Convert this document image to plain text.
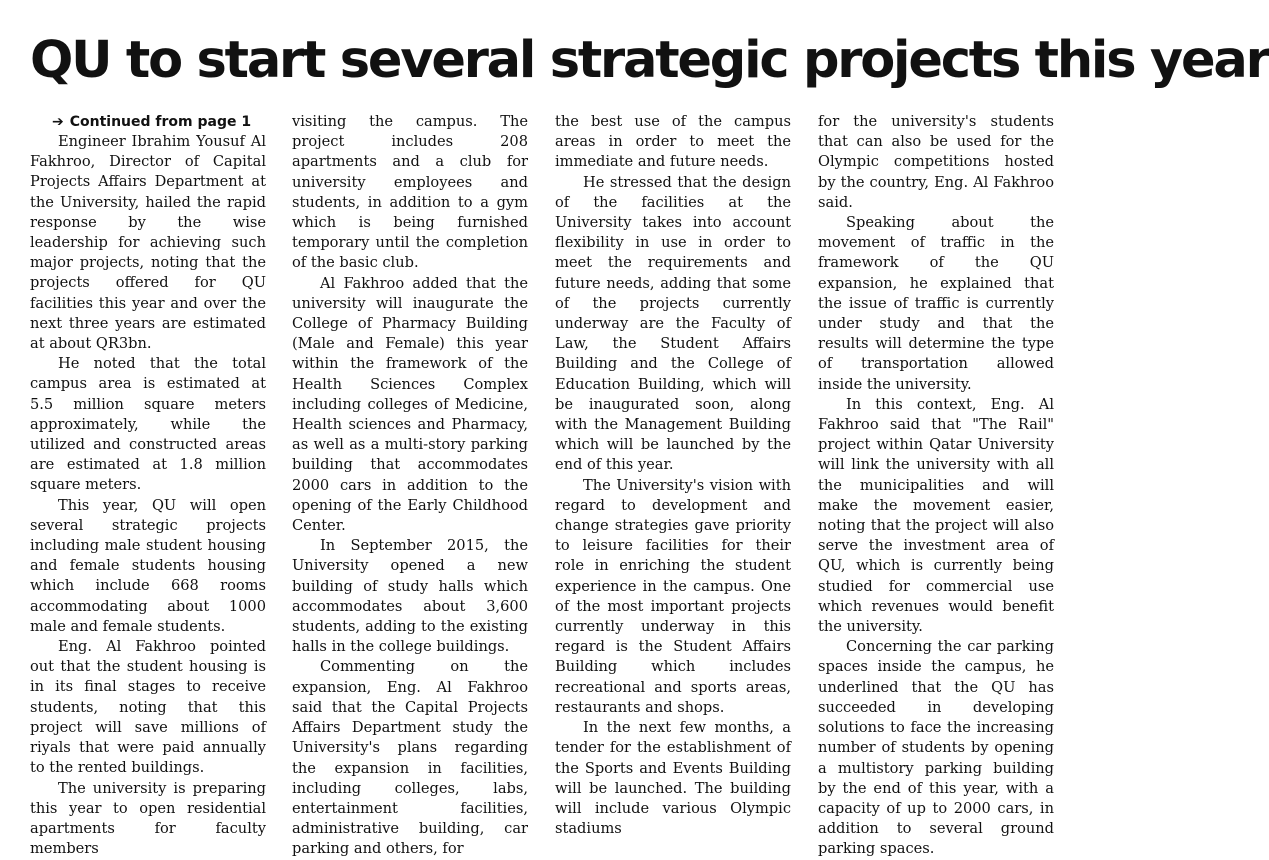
QU to start several strategic projects this year
➔ Continued from page 1

Engineer Ibrahim Yousuf Al Fakhroo, Director of Capital Projects Affairs Department at the University, hailed the rapid response by the wise leadership for achieving such major projects, noting that the projects offered for QU facilities this year and over the next three years are estimated at about QR3bn.

He noted that the total campus area is estimated at 5.5 million square meters approximately, while the utilized and constructed areas are estimated at 1.8 million square meters.

This year, QU will open several strategic projects including male student housing and female students housing which include 668 rooms accommodating about 1000 male and female students.

Eng. Al Fakhroo pointed out that the student housing is in its final stages to receive students, noting that this project will save millions of riyals that were paid annually to the rented buildings.

The university is preparing this year to open residential apartments for faculty members

visiting the campus. The project includes 208 apartments and a club for university employees and students, in addition to a gym which is being furnished temporary until the completion of the basic club.

Al Fakhroo added that the university will inaugurate the College of Pharmacy Building (Male and Female) this year within the framework of the Health Sciences Complex including colleges of Medicine, Health sciences and Pharmacy, as well as a multi-story parking building that accommodates 2000 cars in addition to the opening of the Early Childhood Center.

In September 2015, the University opened a new building of study halls which accommodates about 3,600 students, adding to the existing halls in the college buildings.

Commenting on the expansion, Eng. Al Fakhroo said that the Capital Projects Affairs Department study the University's plans regarding the expansion in facilities, including colleges, labs, entertainment facilities, administrative building, car parking and others, for

the best use of the campus areas in order to meet the immediate and future needs.

He stressed that the design of the facilities at the University takes into account flexibility in use in order to meet the requirements and future needs, adding that some of the projects currently underway are the Faculty of Law, the Student Affairs Building and the College of Education Building, which will be inaugurated soon, along with the Management Building which will be launched by the end of this year.

The University's vision with regard to development and change strategies gave priority to leisure facilities for their role in enriching the student experience in the campus. One of the most important projects currently underway in this regard is the Student Affairs Building which includes recreational and sports areas, restaurants and shops.

In the next few months, a tender for the establishment of the Sports and Events Building will be launched. The building will include various Olympic stadiums

for the university's students that can also be used for the Olympic competitions hosted by the country, Eng. Al Fakhroo said.

Speaking about the movement of traffic in the framework of the QU expansion, he explained that the issue of traffic is currently under study and that the results will determine the type of transportation allowed inside the university.

In this context, Eng. Al Fakhroo said that "The Rail" project within Qatar University will link the university with all the municipalities and will make the movement easier, noting that the project will also serve the investment area of QU, which is currently being studied for commercial use which revenues would benefit the university.

Concerning the car parking spaces inside the campus, he underlined that the QU has succeeded in developing solutions to face the increasing number of students by opening a multistory parking building by the end of this year, with a capacity of up to 2000 cars, in addition to several ground parking spaces.
